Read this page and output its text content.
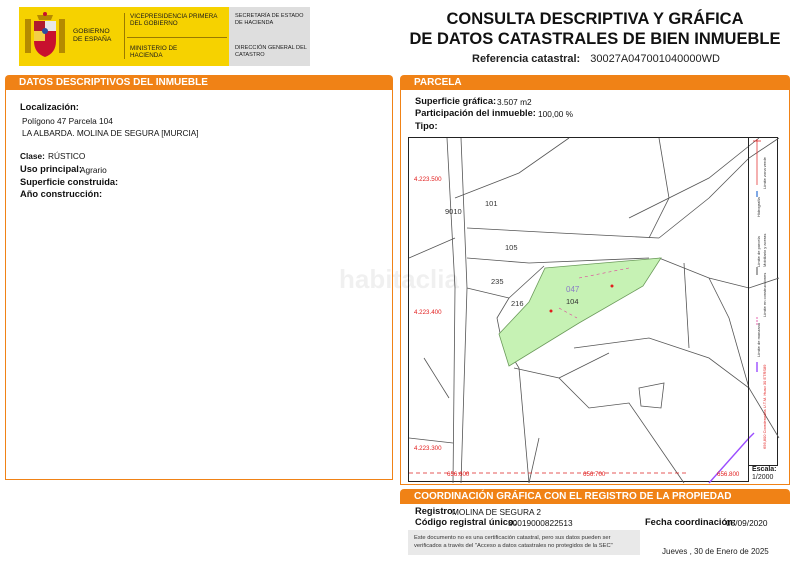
GOBIERNO DE ESPAÑA
VICEPRESIDENCIA PRIMERA DEL GOBIERNO
MINISTERIO DE HACIENDA
SECRETARÍA DE ESTADO DE HACIENDA
DIRECCIÓN GENERAL DEL CATASTRO
CONSULTA DESCRIPTIVA Y GRÁFICA
DE DATOS CATASTRALES DE BIEN INMUEBLE
Referencia catastral: 30027A047001040000WD
DATOS DESCRIPTIVOS DEL INMUEBLE
Localización:
Polígono 47 Parcela 104
LA ALBARDA. MOLINA DE SEGURA [MURCIA]
Clase: RÚSTICO
Uso principal:
Agrario
Superficie construida:
Año construcción:
PARCELA
Superficie gráfica: 3.507 m2
Participación del inmueble: 100,00 %
Tipo:
101
9010
105
235
216	104
047
4.223.500
4.223.400
4.223.300
656.600	656.700	656.800
habitaclia
Límite zona verde
Hidrografía
Límite de parcela Mobiliario y aceras
Límite en construcciones
Límite de manzana
656,800 Coordenadas U.T.M. Huso 30 ETRS89
Escala:
1/2000
COORDINACIÓN GRÁFICA CON EL REGISTRO DE LA PROPIEDAD
Registro:
MOLINA DE SEGURA 2
Código registral único:
30019000822513	Fecha coordinación:
08/09/2020
Este documento no es una certificación catastral, pero sus datos pueden ser
verificados a través del "Acceso a datos catastrales no protegidos de la SEC"
Jueves , 30 de Enero de 2025
